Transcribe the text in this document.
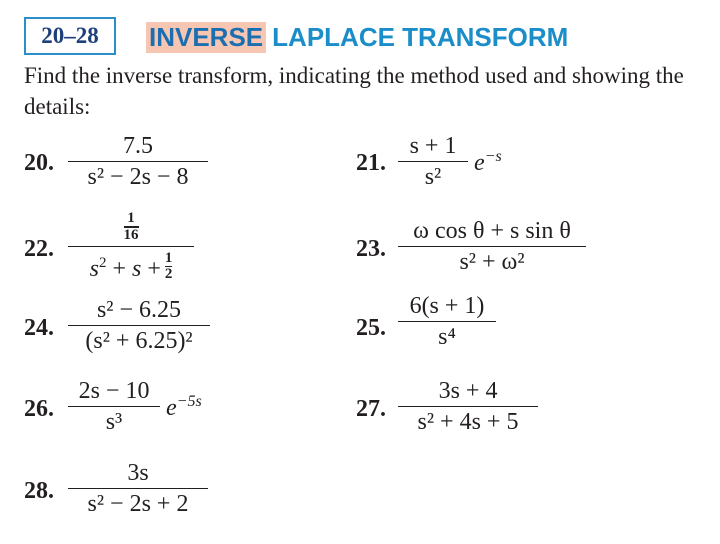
20–28 INVERSE LAPLACE TRANSFORM
Find the inverse transform, indicating the method used and showing the details:
20.
7.5
s² − 2s − 8
21.
s + 1
s²
$e^{-s}$
22.
1
16
$s^2 + s + 1$
2
23.
ω cos θ + s sin θ
s² + ω²
24.
s² − 6.25
(s² + 6.25)²
25.
6(s + 1)
s⁴
26.
2s − 10
s³
$e^{-5s}$	27.
3s + 4
s² + 4s + 5
28.
3s
s² − 2s + 2
